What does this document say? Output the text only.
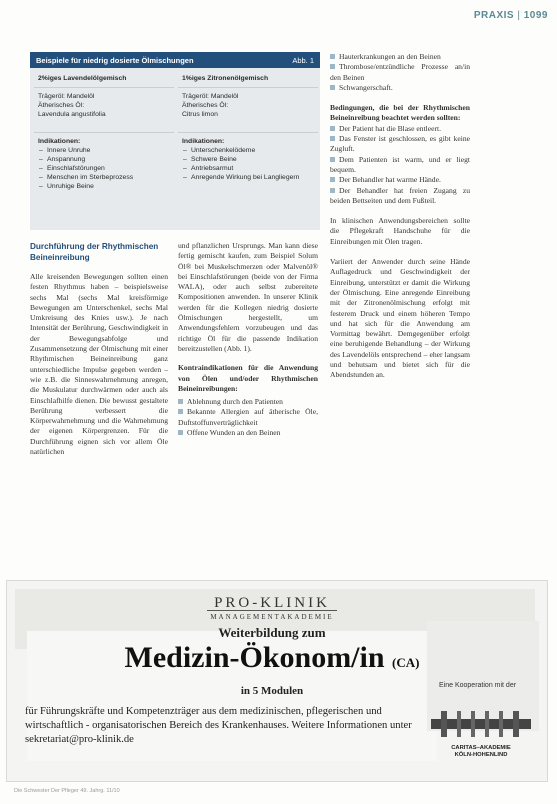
PRAXIS | 1099
Beispiele für niedrig dosierte Ölmischungen	Abb. 1
2%iges Lavendelölgemisch
Trägeröl: Mandelöl
Ätherisches Öl:
Lavendula angustifolia
Indikationen:
– Innere Unruhe
– Anspannung
– Einschlafstörungen
– Menschen im Sterbeprozess
– Unruhige Beine
1%iges Zitronenölgemisch
Trägeröl: Mandelöl
Ätherisches Öl:
Citrus limon
Indikationen:
– Unterschenkelödeme
– Schwere Beine
– Antriebsarmut
– Anregende Wirkung bei Langliegern
Durchführung der Rhythmischen Beineinreibung

Alle kreisenden Bewegungen sollten einen festen Rhythmus haben – beispielsweise sechs Mal (sechs Mal kreisförmige Bewegungen am Unterschenkel, sechs Mal Umkreisung des Knies usw.). Je nach Intensität der Berührung, Geschwindigkeit in der Bewegungsabfolge und Zusammensetzung der Ölmischung mit einer Rhythmischen Beineinreibung ganz unterschiedliche Impulse gegeben werden – wie z.B. die Sinneswahrnehmung anregen, die Muskulatur durchwärmen oder auch als Einschlafhilfe dienen. Die bewusst gestaltete Berührung verbessert die Körperwahrnehmung und die Wahrnehmung der eigenen Körpergrenzen. Für die Durchführung eignen sich vor allem Öle natürlichen

und pflanzlichen Ursprungs. Man kann diese fertig gemischt kaufen, zum Beispiel Solum Öl® bei Muskelschmerzen oder Malvenöl® bei Einschlafstörungen (beide von der Firma WALA), oder auch selbst zubereitete Kompositionen anwenden. In unserer Klinik werden für die Kollegen niedrig dosierte Ölmischungen hergestellt, um Anwendungsfehlern vorzubeugen und das richtige Öl für die passende Indikation bereitzustellen (Abb. 1).

Kontraindikationen für die Anwendung von Ölen und/oder Rhythmischen Beineinreibungen:

Ablehnung durch den Patienten

Bekannte Allergien auf ätherische Öle, Duftstoffunverträglichkeit

Offene Wunden an den Beinen

Hauterkrankungen an den Beinen

Thrombose/entzündliche Prozesse an/in den Beinen

Schwangerschaft.

Bedingungen, die bei der Rhythmischen Beineinreibung beachtet werden sollten:

Der Patient hat die Blase entleert.

Das Fenster ist geschlossen, es gibt keine Zugluft.

Dem Patienten ist warm, und er liegt bequem.

Der Behandler hat warme Hände.

Der Behandler hat freien Zugang zu beiden Bettseiten und dem Fußteil.

In klinischen Anwendungsbereichen sollte die Pflegekraft Handschuhe für die Einreibungen mit Ölen tragen.

Variiert der Anwender durch seine Hände Auflagedruck und Geschwindigkeit der Einreibung, unterstützt er damit die Wirkung der Ölmischung. Eine anregende Einreibung mit der Zitronenölmischung erfolgt mit festerem Druck und einem höheren Tempo und hat sich für die Anwendung am Vormittag bewährt. Demgegenüber erfolgt eine beruhigende Behandlung – der Wirkung des Lavendelöls entsprechend – eher langsam und behutsam und bietet sich für die Abendstunden an.

PRO-KLINIK
MANAGEMENTAKADEMIE
Weiterbildung zum
Medizin-Ökonom/in (CA)
in 5 Modulen
für Führungskräfte und Kompetenzträger aus dem medizinischen, pflegerischen und wirtschaftlich - organisatorischen Bereich des Krankenhauses. Weitere Informationen unter sekretariat@pro-klinik.de
Eine Kooperation mit der
CARITAS–AKADEMIE
KÖLN-HOHENLIND
Die Schwester Der Pfleger 49. Jahrg. 11/10
